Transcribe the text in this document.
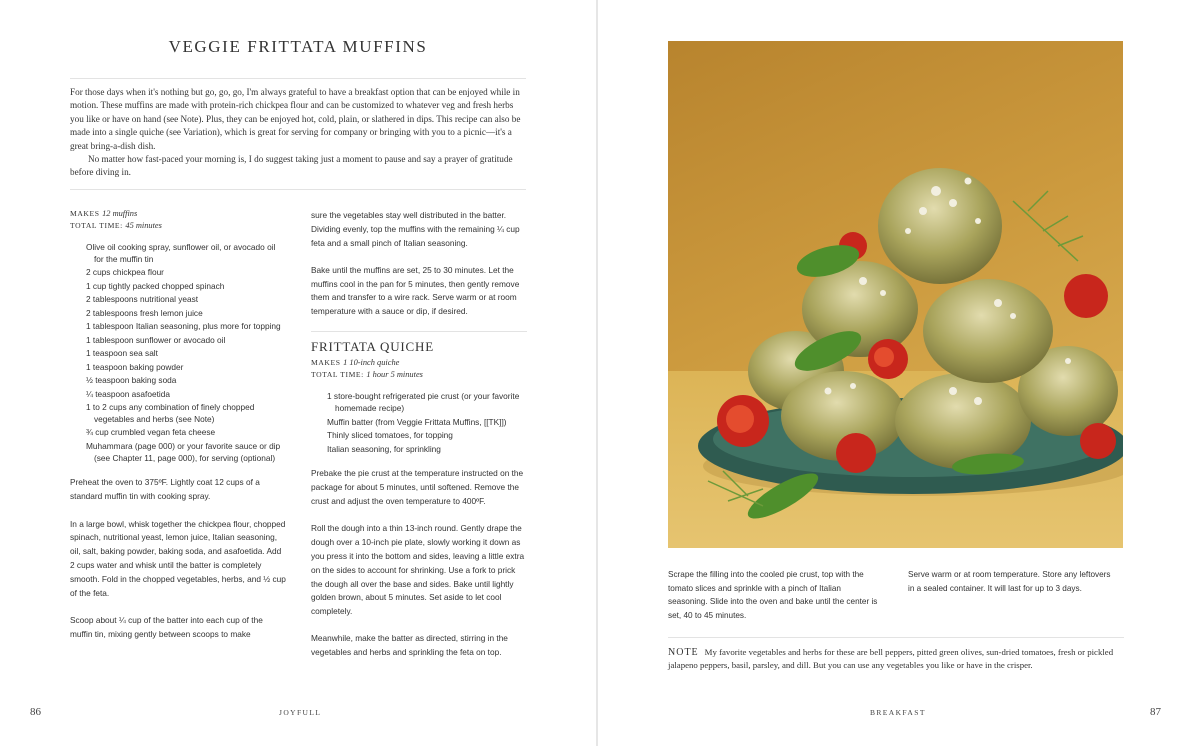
VEGGIE FRITTATA MUFFINS

For those days when it's nothing but go, go, go, I'm always grateful to have a breakfast option that can be enjoyed while in motion. These muffins are made with protein-rich chickpea flour and can be customized to whatever veg and fresh herbs you like or have on hand (see Note). Plus, they can be enjoyed hot, cold, plain, or slathered in dips. This recipe can also be made into a single quiche (see Variation), which is great for serving for company or bringing with you to a picnic—it's a great bring-a-dish dish.

No matter how fast-paced your morning is, I do suggest taking just a moment to pause and say a prayer of gratitude before diving in.

MAKES 12 muffins
TOTAL TIME: 45 minutes
Olive oil cooking spray, sunflower oil, or avocado oil for the muffin tin
2 cups chickpea flour
1 cup tightly packed chopped spinach
2 tablespoons nutritional yeast
2 tablespoons fresh lemon juice
1 tablespoon Italian seasoning, plus more for topping
1 tablespoon sunflower or avocado oil
1 teaspoon sea salt
1 teaspoon baking powder
½ teaspoon baking soda
¼ teaspoon asafoetida
1 to 2 cups any combination of finely chopped vegetables and herbs (see Note)
¾ cup crumbled vegan feta cheese
Muhammara (page 000) or your favorite sauce or dip (see Chapter 11, page 000), for serving (optional)

Preheat the oven to 375ºF. Lightly coat 12 cups of a standard muffin tin with cooking spray.

In a large bowl, whisk together the chickpea flour, chopped spinach, nutritional yeast, lemon juice, Italian seasoning, oil, salt, baking powder, baking soda, and asafoetida. Add 2 cups water and whisk until the batter is completely smooth. Fold in the chopped vegetables, herbs, and ½ cup of the feta.

Scoop about ¼ cup of the batter into each cup of the muffin tin, mixing gently between scoops to make

sure the vegetables stay well distributed in the batter. Dividing evenly, top the muffins with the remaining ¼ cup feta and a small pinch of Italian seasoning.

Bake until the muffins are set, 25 to 30 minutes. Let the muffins cool in the pan for 5 minutes, then gently remove them and transfer to a wire rack. Serve warm or at room temperature with a sauce or dip, if desired.

FRITTATA QUICHE
MAKES 1 10-inch quiche
TOTAL TIME: 1 hour 5 minutes
1 store-bought refrigerated pie crust (or your favorite homemade recipe)
Muffin batter (from Veggie Frittata Muffins, [[TK]])
Thinly sliced tomatoes, for topping
Italian seasoning, for sprinkling

Prebake the pie crust at the temperature instructed on the package for about 5 minutes, until softened. Remove the crust and adjust the oven temperature to 400ºF.

Roll the dough into a thin 13-inch round. Gently drape the dough over a 10-inch pie plate, slowly working it down as you press it into the bottom and sides, leaving a little extra on the sides to account for shrinking. Use a fork to prick the dough all over the base and sides. Bake until lightly golden brown, about 5 minutes. Set aside to let cool completely.

Meanwhile, make the batter as directed, stirring in the vegetables and herbs and sprinkling the feta on top.

86	JOYFULL

Scrape the filling into the cooled pie crust, top with the tomato slices and sprinkle with a pinch of Italian seasoning. Slide into the oven and bake until the center is set, 40 to 45 minutes.

Serve warm or at room temperature. Store any leftovers in a sealed container. It will last for up to 3 days.

NOTE My favorite vegetables and herbs for these are bell peppers, pitted green olives, sun-dried tomatoes, fresh or pickled jalapeno peppers, basil, parsley, and dill. But you can use any vegetables you like or have in the crisper.
BREAKFAST	87
